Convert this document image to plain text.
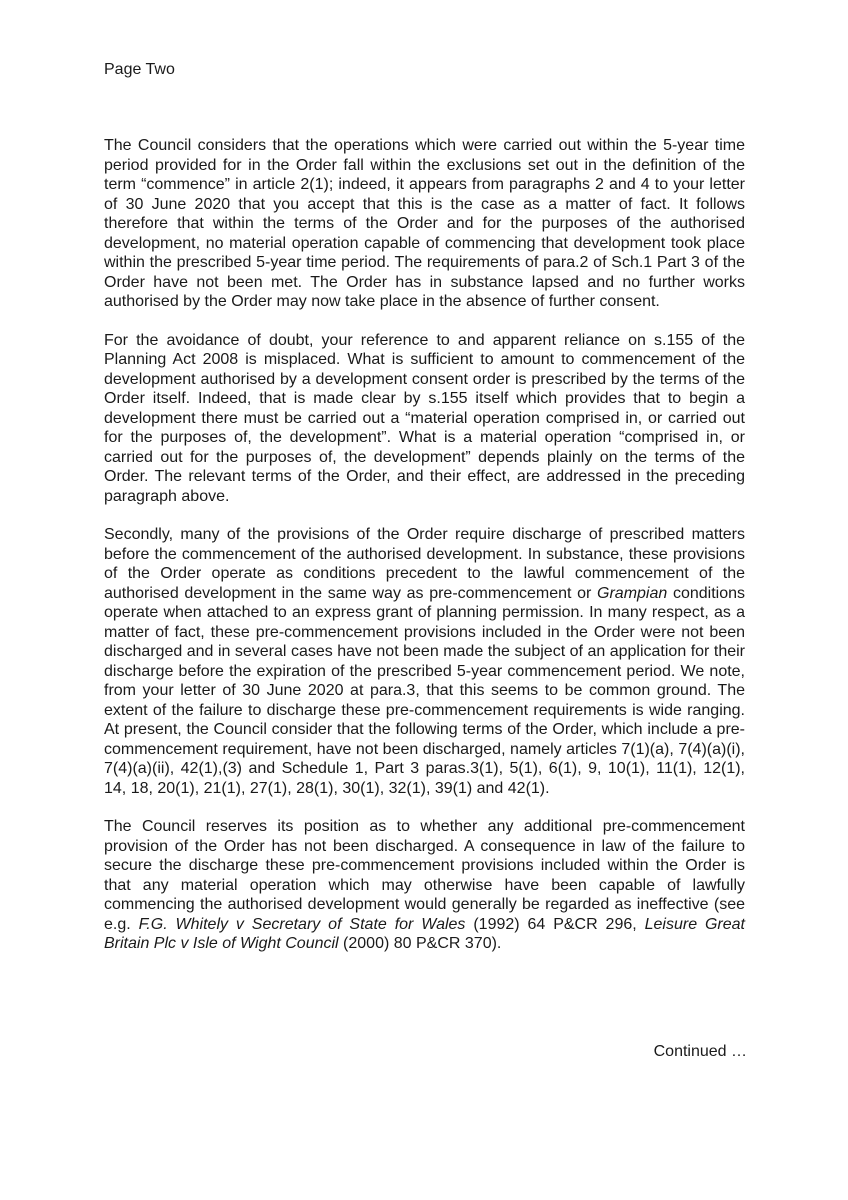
Page Two

The Council considers that the operations which were carried out within the 5-year time period provided for in the Order fall within the exclusions set out in the definition of the term “commence” in article 2(1); indeed, it appears from paragraphs 2 and 4 to your letter of 30 June 2020 that you accept that this is the case as a matter of fact. It follows therefore that within the terms of the Order and for the purposes of the authorised development, no material operation capable of commencing that development took place within the prescribed 5-year time period. The requirements of para.2 of Sch.1 Part 3 of the Order have not been met. The Order has in substance lapsed and no further works authorised by the Order may now take place in the absence of further consent.

For the avoidance of doubt, your reference to and apparent reliance on s.155 of the Planning Act 2008 is misplaced. What is sufficient to amount to commencement of the development authorised by a development consent order is prescribed by the terms of the Order itself. Indeed, that is made clear by s.155 itself which provides that to begin a development there must be carried out a “material operation comprised in, or carried out for the purposes of, the development”. What is a material operation “comprised in, or carried out for the purposes of, the development” depends plainly on the terms of the Order. The relevant terms of the Order, and their effect, are addressed in the preceding paragraph above.

Secondly, many of the provisions of the Order require discharge of prescribed matters before the commencement of the authorised development. In substance, these provisions of the Order operate as conditions precedent to the lawful commencement of the authorised development in the same way as pre-commencement or Grampian conditions operate when attached to an express grant of planning permission. In many respect, as a matter of fact, these pre-commencement provisions included in the Order were not been discharged and in several cases have not been made the subject of an application for their discharge before the expiration of the prescribed 5-year commencement period. We note, from your letter of 30 June 2020 at para.3, that this seems to be common ground. The extent of the failure to discharge these pre-commencement requirements is wide ranging. At present, the Council consider that the following terms of the Order, which include a pre-commencement requirement, have not been discharged, namely articles 7(1)(a), 7(4)(a)(i), 7(4)(a)(ii), 42(1),(3) and Schedule 1, Part 3 paras.3(1), 5(1), 6(1), 9, 10(1), 11(1), 12(1), 14, 18, 20(1), 21(1), 27(1), 28(1), 30(1), 32(1), 39(1) and 42(1).

The Council reserves its position as to whether any additional pre-commencement provision of the Order has not been discharged. A consequence in law of the failure to secure the discharge these pre-commencement provisions included within the Order is that any material operation which may otherwise have been capable of lawfully commencing the authorised development would generally be regarded as ineffective (see e.g. F.G. Whitely v Secretary of State for Wales (1992) 64 P&CR 296, Leisure Great Britain Plc v Isle of Wight Council (2000) 80 P&CR 370).

Continued …
